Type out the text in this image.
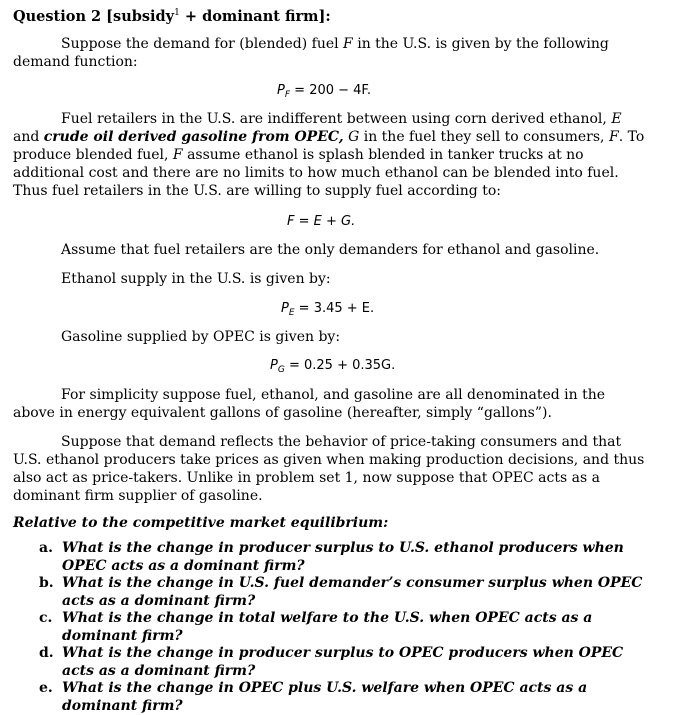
Question 2 [subsidy$^1$ + dominant firm]:
Suppose the demand for (blended) fuel F in the U.S. is given by the following demand function:
$P_F = 200 - 4F$.
Fuel retailers in the U.S. are indifferent between using corn derived ethanol, E and crude oil derived gasoline from OPEC, G in the fuel they sell to consumers, F. To produce blended fuel, F assume ethanol is splash blended in tanker trucks at no additional cost and there are no limits to how much ethanol can be blended into fuel. Thus fuel retailers in the U.S. are willing to supply fuel according to:
F = E + G.
Assume that fuel retailers are the only demanders for ethanol and gasoline.
Ethanol supply in the U.S. is given by:
$P_E = 3.45 + E$.
Gasoline supplied by OPEC is given by:
$P_G = 0.25 + 0.35G$.
For simplicity suppose fuel, ethanol, and gasoline are all denominated in the above in energy equivalent gallons of gasoline (hereafter, simply “gallons”).
Suppose that demand reflects the behavior of price-taking consumers and that U.S. ethanol producers take prices as given when making production decisions, and thus also act as price-takers. Unlike in problem set 1, now suppose that OPEC acts as a dominant firm supplier of gasoline.
Relative to the competitive market equilibrium:
a. What is the change in producer surplus to U.S. ethanol producers when OPEC acts as a dominant firm?
b. What is the change in U.S. fuel demander’s consumer surplus when OPEC acts as a dominant firm?
c. What is the change in total welfare to the U.S. when OPEC acts as a dominant firm?
d. What is the change in producer surplus to OPEC producers when OPEC acts as a dominant firm?
e. What is the change in OPEC plus U.S. welfare when OPEC acts as a dominant firm?
